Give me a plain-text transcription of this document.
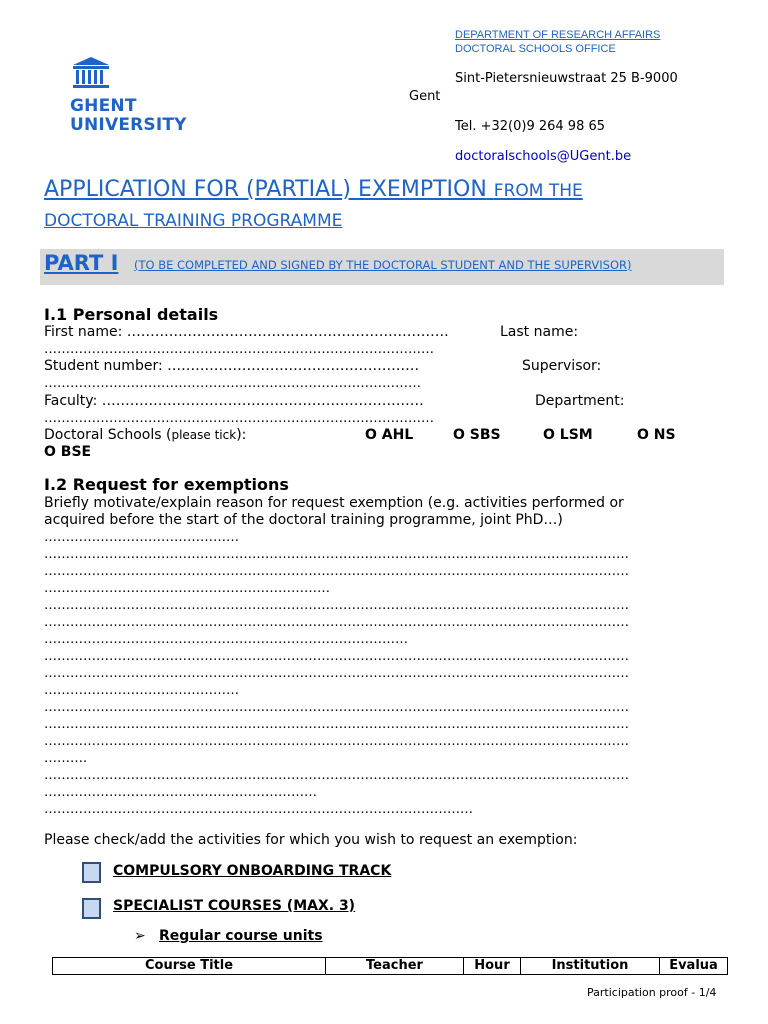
GHENT
UNIVERSITY
DEPARTMENT OF RESEARCH AFFAIRS
DOCTORAL SCHOOLS OFFICE
Sint-Pietersnieuwstraat 25 B-9000
Gent
Tel. +32(0)9 264 98 65
doctoralschools@UGent.be
APPLICATION FOR (PARTIAL) EXEMPTION FROM THE
DOCTORAL TRAINING PROGRAMME
PART I (TO BE COMPLETED AND SIGNED BY THE DOCTORAL STUDENT AND THE SUPERVISOR)
I.1 Personal details
First name: ……………………………………………………………	Last name:
………………………………………………………………………………
Student number: ………………………………………………	Supervisor:
……………………………………………………………………………
Faculty: ……………………………………………………………	Department:
………………………………………………………………………………
Doctoral Schools (please tick):	O AHL	O SBS	O LSM	O NS
O BSE
I.2 Request for exemptions
Briefly motivate/explain reason for request exemption (e.g. activities performed or
acquired before the start of the doctoral training programme, joint PhD…)
………………………………………
………………………………………………………………………………………………………………………
………………………………………………………………………………………………………………………
…………………………………………………………
………………………………………………………………………………………………………………………
………………………………………………………………………………………………………………………
…………………………………………………………………………
………………………………………………………………………………………………………………………
………………………………………………………………………………………………………………………
………………………………………
………………………………………………………………………………………………………………………
………………………………………………………………………………………………………………………
………………………………………………………………………………………………………………………
……….
………………………………………………………………………………………………………………………
………………………………………………………
………………………………………………………………………………………
Please check/add the activities for which you wish to request an exemption:
COMPULSORY ONBOARDING TRACK
SPECIALIST COURSES (MAX. 3)
➢ Regular course units
Course Title	Teacher	Hour	Institution	Evalua
Participation proof - 1/4
